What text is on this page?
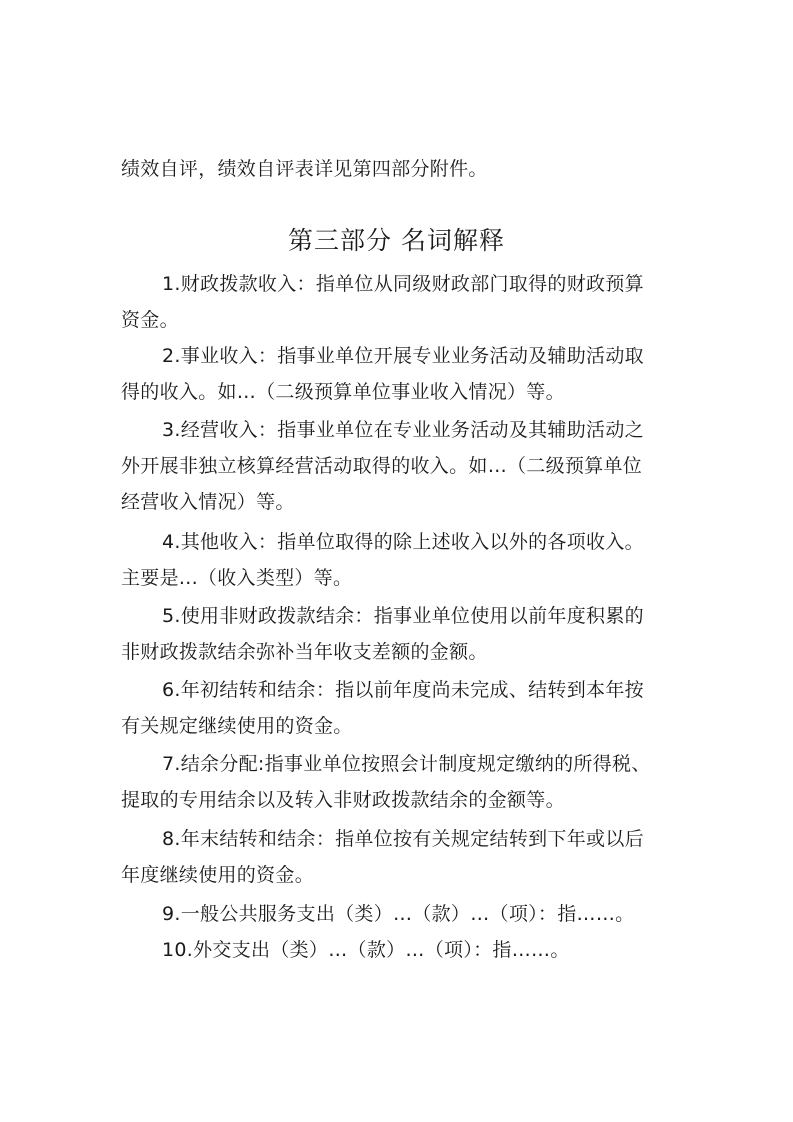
绩效自评，绩效自评表详见第四部分附件。
第三部分 名词解释
1.财政拨款收入：指单位从同级财政部门取得的财政预算
资金。
2.事业收入：指事业单位开展专业业务活动及辅助活动取
得的收入。如…（二级预算单位事业收入情况）等。
3.经营收入：指事业单位在专业业务活动及其辅助活动之
外开展非独立核算经营活动取得的收入。如…（二级预算单位
经营收入情况）等。
4.其他收入：指单位取得的除上述收入以外的各项收入。
主要是...（收入类型）等。
5.使用非财政拨款结余：指事业单位使用以前年度积累的
非财政拨款结余弥补当年收支差额的金额。
6.年初结转和结余：指以前年度尚未完成、结转到本年按
有关规定继续使用的资金。
7.结余分配:指事业单位按照会计制度规定缴纳的所得税、
提取的专用结余以及转入非财政拨款结余的金额等。
8.年末结转和结余：指单位按有关规定结转到下年或以后
年度继续使用的资金。
9.一般公共服务支出（类）…（款）…（项）：指……。
10.外交支出（类）…（款）…（项）：指……。
